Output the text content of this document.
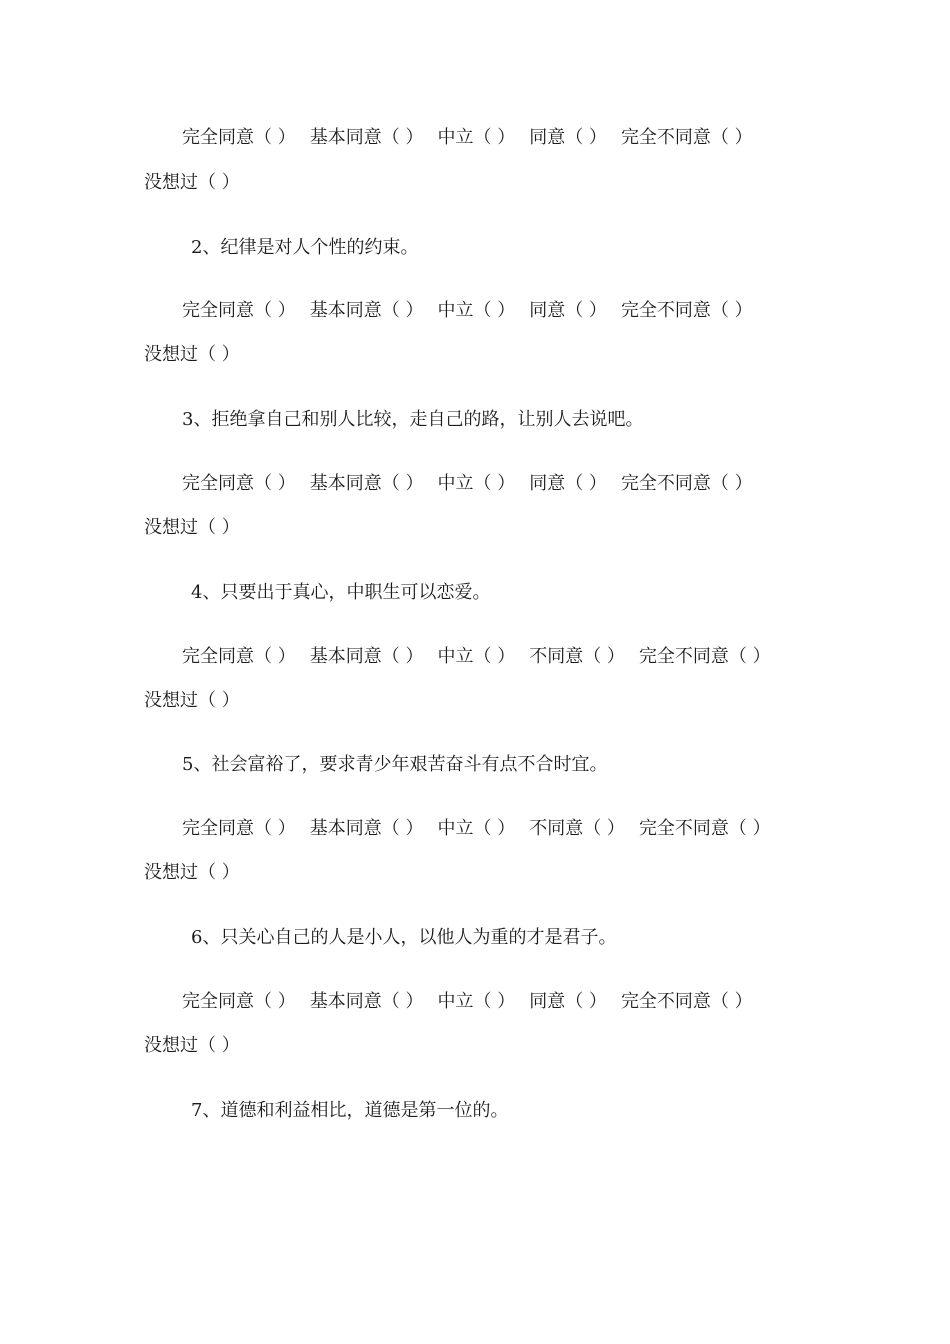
完全同意（ ） 基本同意（ ） 中立（ ） 同意（ ） 完全不同意（ ）
没想过（ ）
2、纪律是对人个性的约束。
完全同意（ ） 基本同意（ ） 中立（ ） 同意（ ） 完全不同意（ ）
没想过（ ）
3、拒绝拿自己和别人比较，走自己的路，让别人去说吧。
完全同意（ ） 基本同意（ ） 中立（ ） 同意（ ） 完全不同意（ ）
没想过（ ）
4、只要出于真心，中职生可以恋爱。
完全同意（ ） 基本同意（ ） 中立（ ） 不同意（ ） 完全不同意（ ）
没想过（ ）
5、社会富裕了，要求青少年艰苦奋斗有点不合时宜。
完全同意（ ） 基本同意（ ） 中立（ ） 不同意（ ） 完全不同意（ ）
没想过（ ）
6、只关心自己的人是小人，以他人为重的才是君子。
完全同意（ ） 基本同意（ ） 中立（ ） 同意（ ） 完全不同意（ ）
没想过（ ）
7、道德和利益相比，道德是第一位的。
